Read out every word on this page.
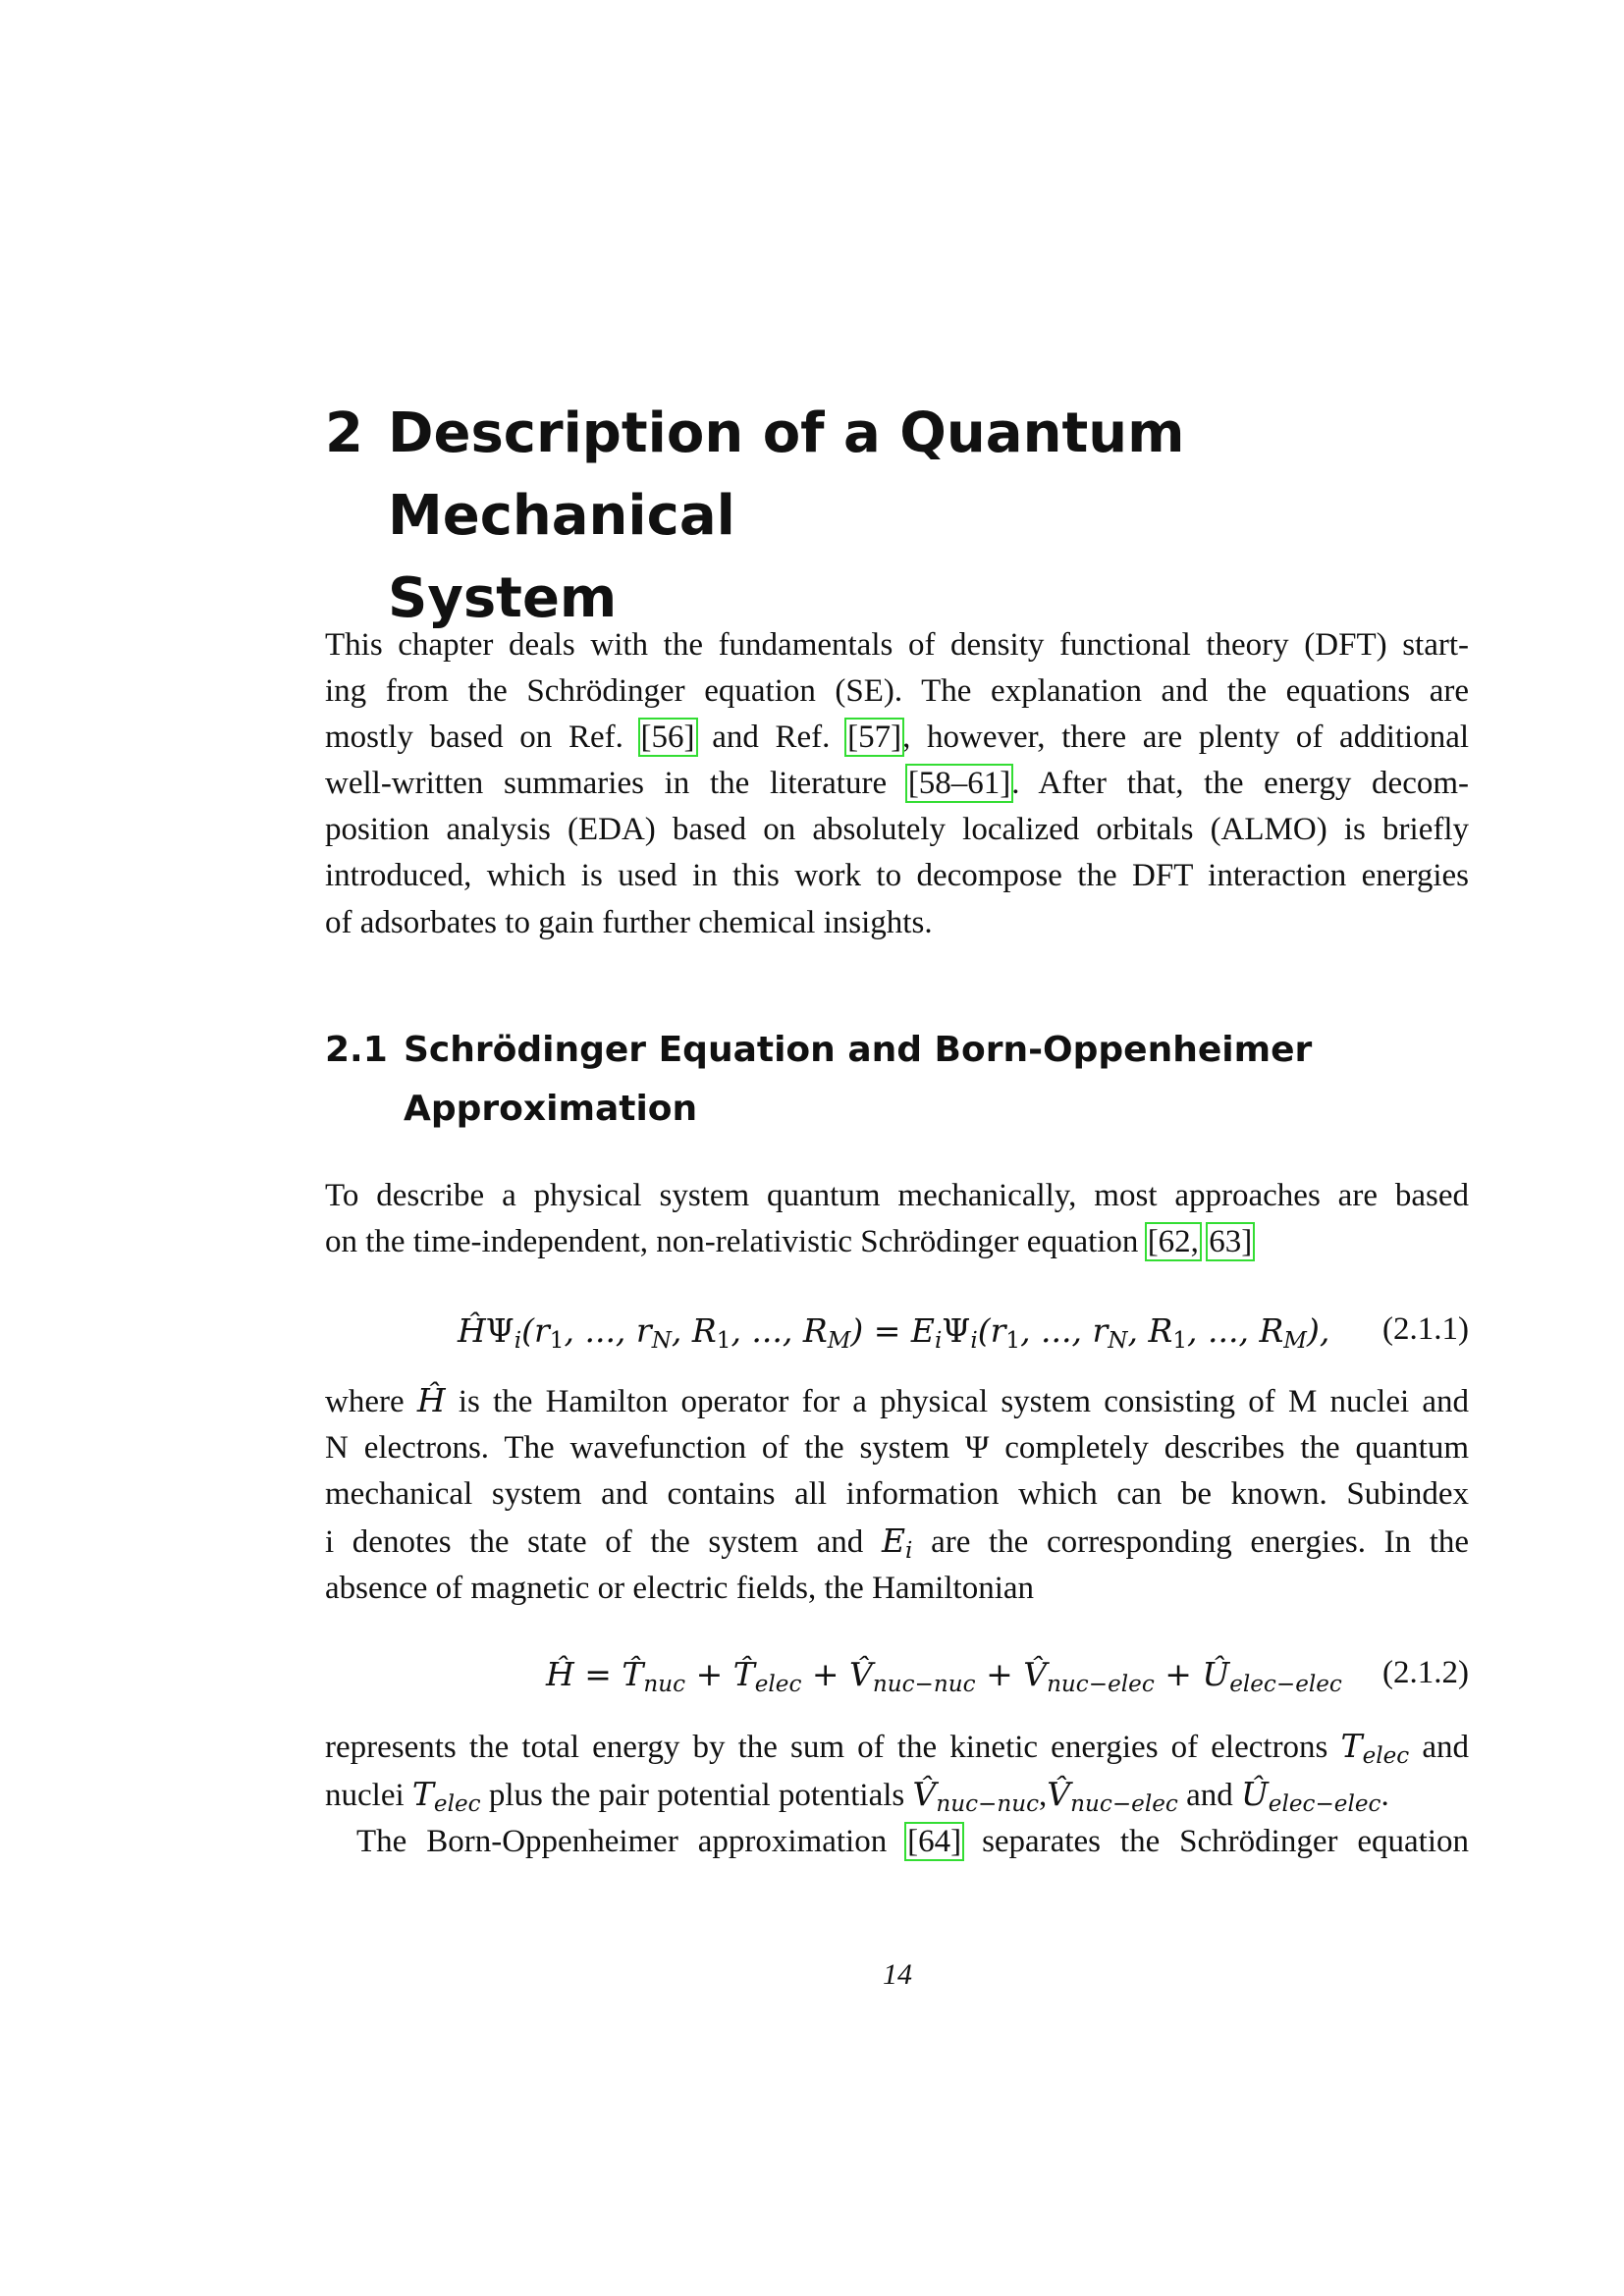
2 Description of a Quantum Mechanical
System

This chapter deals with the fundamentals of density functional theory (DFT) start-
ing from the Schrödinger equation (SE). The explanation and the equations are
mostly based on Ref. [56] and Ref. [57], however, there are plenty of additional
well-written summaries in the literature [58–61]. After that, the energy decom-
position analysis (EDA) based on absolutely localized orbitals (ALMO) is briefly
introduced, which is used in this work to decompose the DFT interaction energies
of adsorbates to gain further chemical insights.

2.1 Schrödinger Equation and Born-Oppenheimer
Approximation

To describe a physical system quantum mechanically, most approaches are based
on the time-independent, non-relativistic Schrödinger equation [62, 63]

$Ĥ\Psi_i(r_1$, ..., $r_N$, $R_1$, ..., $R_M) = E_i\Psi_i(r_1$, ..., $r_N$, $R_1$, ..., $R_M$), (2.1.1)

where Ĥ is the Hamilton operator for a physical system consisting of M nuclei and
N electrons. The wavefunction of the system Ψ completely describes the quantum
mechanical system and contains all information which can be known. Subindex
i denotes the state of the system and $E_i$ are the corresponding energies. In the
absence of magnetic or electric fields, the Hamiltonian

Ĥ = $T̂_{nuc}$ + $T̂_{elec}$ + $V̂_{nuc-nuc}$ + $V̂_{nuc-elec}$ + $Û_{elec-elec}$ (2.1.2)

represents the total energy by the sum of the kinetic energies of electrons $T_{elec}$ and
nuclei $T_{elec}$ plus the pair potential potentials $V̂_{nuc-nuc},V̂_{nuc-elec}$ and $Û_{elec-elec}$.
The Born-Oppenheimer approximation [64] separates the Schrödinger equation

14
